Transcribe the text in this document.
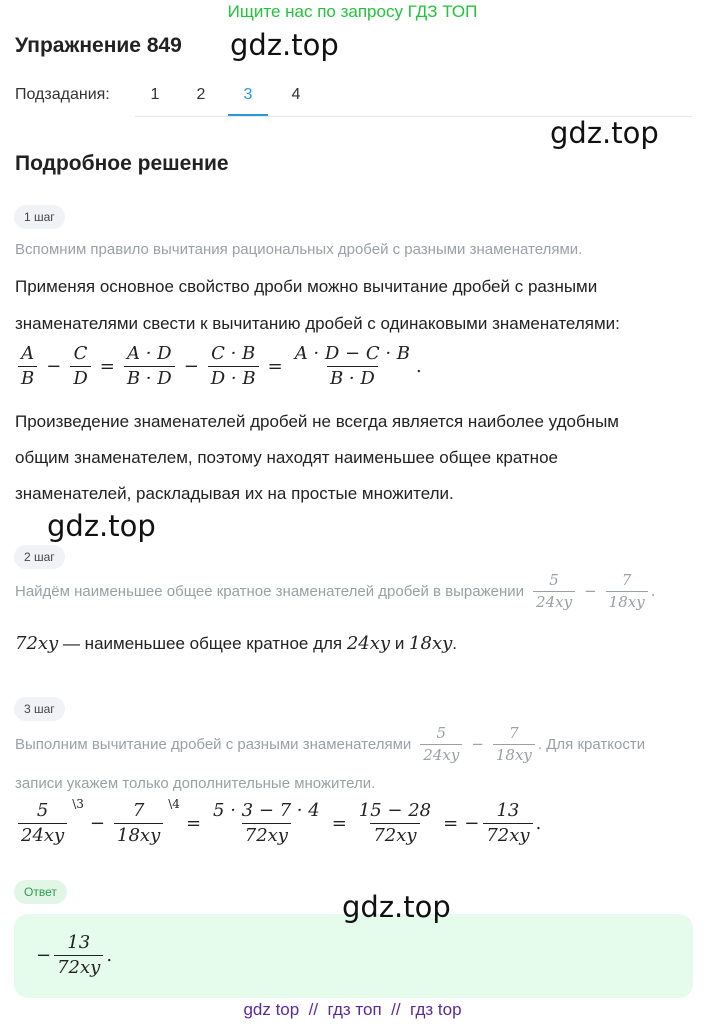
Ищите нас по запросу ГДЗ ТОП
Упражнение 849 gdz.top
Подзадания:	1	2	3	4
gdz.top
Подробное решение
1 шаг
Вспомним правило вычитания рациональных дробей с разными знаменателями.
Применяя основное свойство дроби можно вычитание дробей с разными
знаменателями свести к вычитанию дробей с одинаковыми знаменателями:
$\frac{A}{B} - \frac{C}{D} = \frac{A \cdot D}{B \cdot D} - \frac{C \cdot B}{D \cdot B} = \frac{A \cdot D - C \cdot B}{B \cdot D}$ .
Произведение знаменателей дробей не всегда является наиболее удобным
общим знаменателем, поэтому находят наименьшее общее кратное
знаменателей, раскладывая их на простые множители.
gdz.top
2 шаг
Найдём наименьшее общее кратное знаменателей дробей в выражении $\frac{5}{24xy} - \frac{7}{18xy}$ .
72xy — наименьшее общее кратное для 24xy и 18xy.
3 шаг
Выполним вычитание дробей с разными знаменателями $\frac{5}{24xy} - \frac{7}{18xy}$ . Для краткости
записи укажем только дополнительные множители.
$\frac{5}{24xy}$ \3
− $\frac{7}{18xy}$ \4
= $\frac{5 \cdot 3 - 7 \cdot 4}{72xy} = \frac{15 - 28}{72xy}$ = − $\frac{13}{72xy}$ .
Ответ	gdz.top
− $\frac{13}{72xy}$ .
gdz top  //  гдз топ  //  гдз top
